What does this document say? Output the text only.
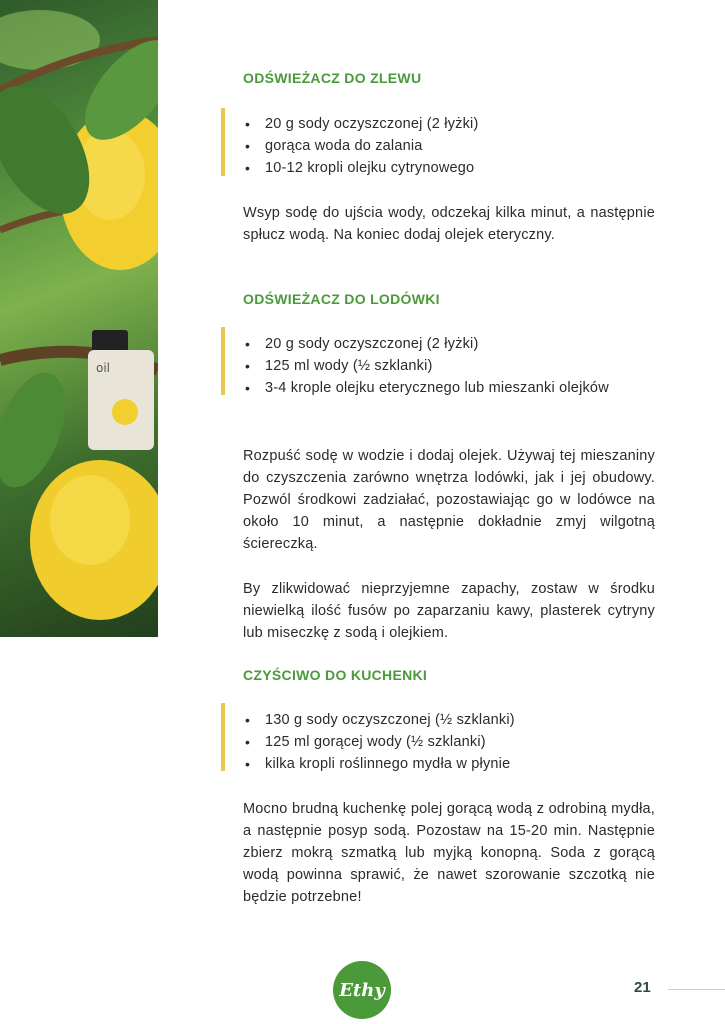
oil
ODŚWIEŻACZ DO ZLEWU
• 20 g sody oczyszczonej (2 łyżki)
• gorąca woda do zalania
• 10-12 kropli olejku cytrynowego

Wsyp sodę do ujścia wody, odczekaj kilka minut, a następnie spłucz wodą. Na koniec dodaj olejek eteryczny.

ODŚWIEŻACZ DO LODÓWKI
• 20 g sody oczyszczonej (2 łyżki)
• 125 ml wody (½ szklanki)
• 3-4 krople olejku eterycznego lub mieszanki olejków

Rozpuść sodę w wodzie i dodaj olejek. Używaj tej mieszaniny do czyszczenia zarówno wnętrza lodówki, jak i jej obudowy. Pozwól środkowi zadziałać, pozostawiając go w lodówce na około 10 minut, a następnie dokładnie zmyj wilgotną ściereczką.

By zlikwidować nieprzyjemne zapachy, zostaw w środku niewielką ilość fusów po zaparzaniu kawy, plasterek cytryny lub miseczkę z sodą i olejkiem.

CZYŚCIWO DO KUCHENKI
• 130 g sody oczyszczonej (½ szklanki)
• 125 ml gorącej wody (½ szklanki)
• kilka kropli roślinnego mydła w płynie

Mocno brudną kuchenkę polej gorącą wodą z odrobiną mydła, a następnie posyp sodą. Pozostaw na 15-20 min. Następnie zbierz mokrą szmatką lub myjką konopną. Soda z gorącą wodą powinna sprawić, że nawet szorowanie szczotką nie będzie potrzebne!

Ethy	21
